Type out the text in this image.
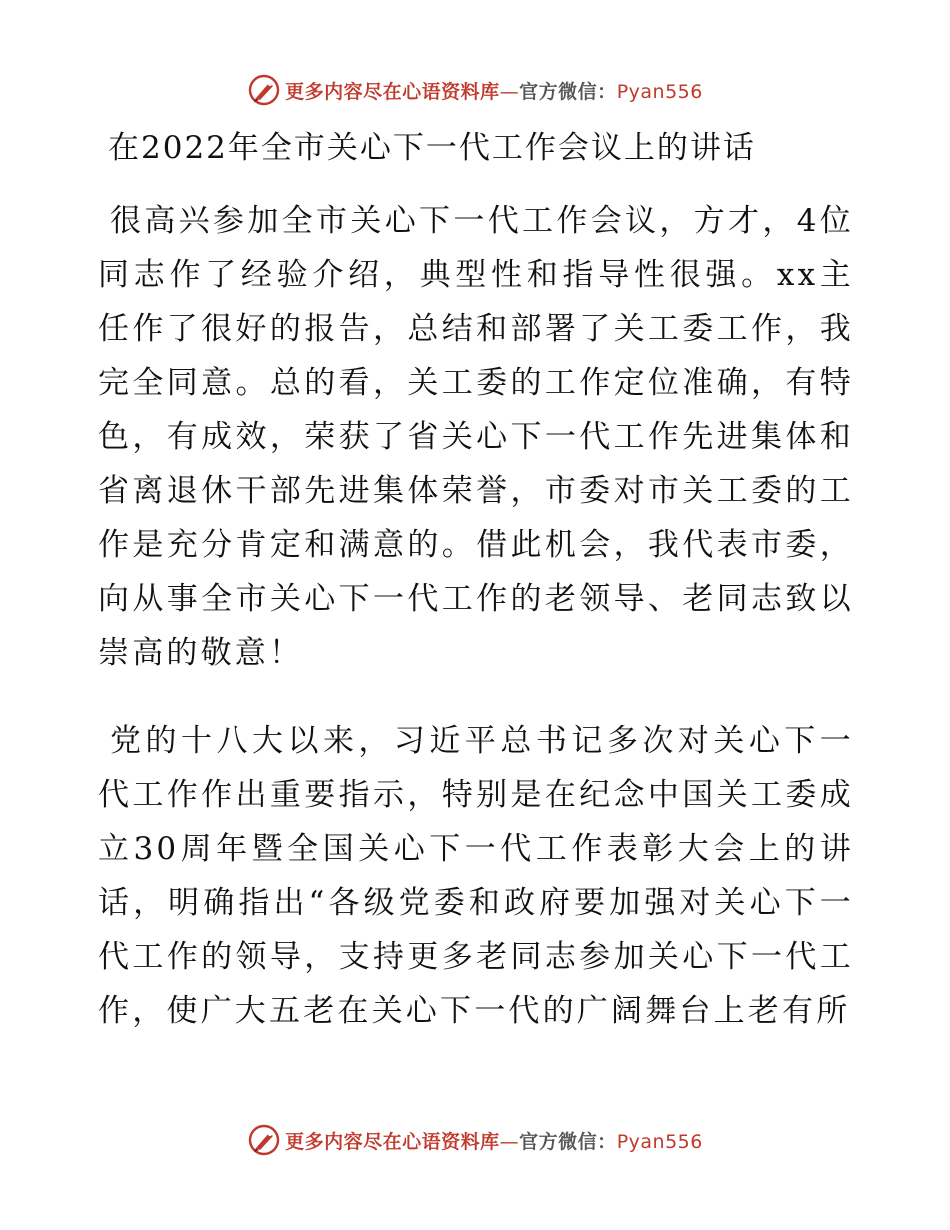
更多内容尽在心语资料库—官方微信：Pyan556
在2022年全市关心下一代工作会议上的讲话
很高兴参加全市关心下一代工作会议，方才，4位同志作了经验介绍，典型性和指导性很强。xx主任作了很好的报告，总结和部署了关工委工作，我完全同意。总的看，关工委的工作定位准确，有特色，有成效，荣获了省关心下一代工作先进集体和省离退休干部先进集体荣誉，市委对市关工委的工作是充分肯定和满意的。借此机会，我代表市委，向从事全市关心下一代工作的老领导、老同志致以崇高的敬意！
党的十八大以来，习近平总书记多次对关心下一代工作作出重要指示，特别是在纪念中国关工委成立30周年暨全国关心下一代工作表彰大会上的讲话，明确指出“各级党委和政府要加强对关心下一代工作的领导，支持更多老同志参加关心下一代工作，使广大五老在关心下一代的广阔舞台上老有所
更多内容尽在心语资料库—官方微信：Pyan556
